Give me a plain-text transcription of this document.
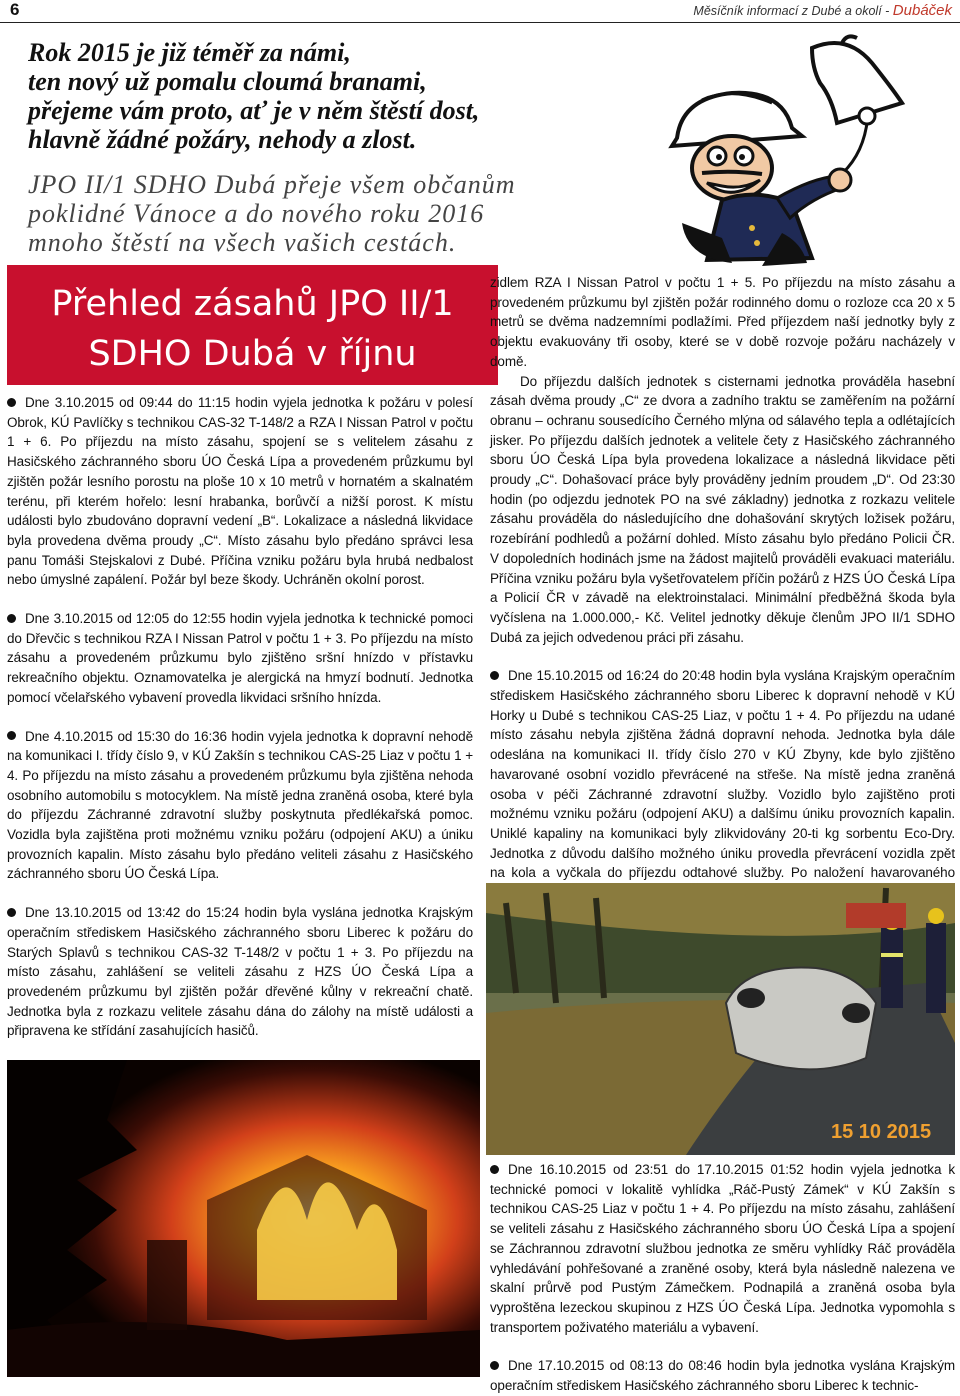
6	Měsíčník informací z Dubé a okolí - Dubáček
Rok 2015 je již téměř za námi,
ten nový už pomalu cloumá branami,
přejeme vám proto, ať je v něm štěstí dost,
hlavně žádné požáry, nehody a zlost.
JPO II/1 SDHO Dubá přeje všem občanům
poklidné Vánoce a do nového roku 2016
mnoho štěstí na všech vašich cestách.
Přehled zásahů JPO II/1
SDHO Dubá v říjnu

Dne 3.10.2015 od 09:44 do 11:15 hodin vyjela jednotka k požáru v polesí Obrok, KÚ Pavlíčky s technikou CAS-32 T-148/2 a RZA I Nissan Patrol v počtu 1 + 6. Po příjezdu na místo zásahu, spojení se s velitelem zásahu z Hasičského záchranného sboru ÚO Česká Lípa a provedeném průzkumu byl zjištěn požár lesního porostu na ploše 10 x 10 metrů v hornatém a skalnatém terénu, při kterém hořelo: lesní hrabanka, borůvčí a nižší porost. K místu události bylo zbudováno dopravní vedení „B“. Lokalizace a následná likvidace byla provedena dvěma proudy „C“. Místo zásahu bylo předáno správci lesa panu Tomáši Stejskalovi z Dubé. Příčina vzniku požáru byla hrubá nedbalost nebo úmyslné zapálení. Požár byl beze škody. Uchráněn okolní porost.

Dne 3.10.2015 od 12:05 do 12:55 hodin vyjela jednotka k technické pomoci do Dřevčic s technikou RZA I Nissan Patrol v počtu 1 + 3. Po příjezdu na místo zásahu a provedeném průzkumu bylo zjištěno sršní hnízdo v přístavku rekreačního objektu. Oznamovatelka je alergická na hmyzí bodnutí. Jednotka pomocí včelařského vybavení provedla likvidaci sršního hnízda.

Dne 4.10.2015 od 15:30 do 16:36 hodin vyjela jednotka k dopravní nehodě na komunikaci I. třídy číslo 9, v KÚ Zakšín s technikou CAS-25 Liaz v počtu 1 + 4. Po příjezdu na místo zásahu a provedeném průzkumu byla zjištěna nehoda osobního automobilu s motocyklem. Na místě jedna zraněná osoba, které byla do příjezdu Záchranné zdravotní služby poskytnuta předlékařská pomoc. Vozidla byla zajištěna proti možnému vzniku požáru (odpojení AKU) a úniku provozních kapalin. Místo zásahu bylo předáno veliteli zásahu z Hasičského záchranného sboru ÚO Česká Lípa.

Dne 13.10.2015 od 13:42 do 15:24 hodin byla vyslána jednotka Krajským operačním střediskem Hasičského záchranného sboru Liberec k požáru do Starých Splavů s technikou CAS-32 T-148/2 v počtu 1 + 3. Po příjezdu na místo zásahu, zahlášení se veliteli zásahu z HZS ÚO Česká Lípa a provedeném průzkumu byl zjištěn požár dřevěné kůlny v rekreační chatě. Jednotka byla z rozkazu velitele zásahu dána do zálohy na místě události a připravena ke střídání zasahujících hasičů.

zidlem RZA I Nissan Patrol v počtu 1 + 5. Po příjezdu na místo zásahu a provedeném průzkumu byl zjištěn požár rodinného domu o rozloze cca 20 x 5 metrů se dvěma nadzemními podlažími. Před příjezdem naší jednotky byly z objektu evakuovány tři osoby, které se v době rozvoje požáru nacházely v domě.

Do příjezdu dalších jednotek s cisternami jednotka prováděla hasební zásah dvěma proudy „C“ ze dvora a zadního traktu se zaměřením na požární obranu – ochranu sousedícího Černého mlýna od sálavého tepla a odlétajících jisker. Po příjezdu dalších jednotek a velitele čety z Hasičského záchranného sboru ÚO Česká Lípa byla provedena lokalizace a následná likvidace pěti proudy „C“. Dohašovací práce byly prováděny jedním proudem „D“. Od 23:30 hodin (po odjezdu jednotek PO na své základny) jednotka z rozkazu velitele zásahu prováděla do následujícího dne dohašování skrytých ložisek požáru, rozebírání podhledů a požární dohled. Místo zásahu bylo předáno Policii ČR. V dopoledních hodinách jsme na žádost majitelů prováděli evakuaci materiálu. Příčina vzniku požáru byla vyšetřovatelem příčin požárů z HZS ÚO Česká Lípa a Policií ČR v závadě na elektroinstalaci. Minimální předběžná škoda byla vyčíslena na 1.000.000,- Kč. Velitel jednotky děkuje členům JPO II/1 SDHO Dubá za jejich odvedenou práci při zásahu.

Dne 15.10.2015 od 16:24 do 20:48 hodin byla vyslána Krajským operačním střediskem Hasičského záchranného sboru Liberec k dopravní nehodě v KÚ Horky u Dubé s technikou CAS-25 Liaz, v počtu 1 + 4. Po příjezdu na udané místo zásahu nebyla zjištěna žádná dopravní nehoda. Jednotka byla dále odeslána na komunikaci II. třídy číslo 270 v KÚ Zbyny, kde bylo zjištěno havarované osobní vozidlo převrácené na střeše. Na místě jedna zraněná osoba v péči Záchranné zdravotní služby. Vozidlo bylo zajištěno proti možnému vzniku požáru (odpojení AKU) a dalšímu úniku provozních kapalin. Uniklé kapaliny na komunikaci byly zlikvidovány 20-ti kg sorbentu Eco-Dry. Jednotka z důvodu dalšího možného úniku provedla převrácení vozidla zpět na kola a vyčkala do příjezdu odtahové služby. Po naložení havarovaného

15 10 2015

Dne 16.10.2015 od 23:51 do 17.10.2015 01:52 hodin vyjela jednotka k technické pomoci v lokalitě vyhlídka „Ráč-Pustý Zámek“ v KÚ Zakšín s technikou CAS-25 Liaz v počtu 1 + 4. Po příjezdu na místo zásahu, zahlášení se veliteli zásahu z Hasičského záchranného sboru ÚO Česká Lípa a spojení se Záchrannou zdravotní službou jednotka ze směru vyhlídky Ráč prováděla vyhledávání pohřešované a zraněné osoby, která byla následně nalezena ve skalní průrvě pod Pustým Zámečkem. Podnapilá a zraněná osoba byla vyproštěna lezeckou skupinou z HZS ÚO Česká Lípa. Jednotka vypomohla s transportem poživatého materiálu a vybavení.

Dne 17.10.2015 od 08:13 do 08:46 hodin byla jednotka vyslána Krajským operačním střediskem Hasičského záchranného sboru Liberec k technic-
